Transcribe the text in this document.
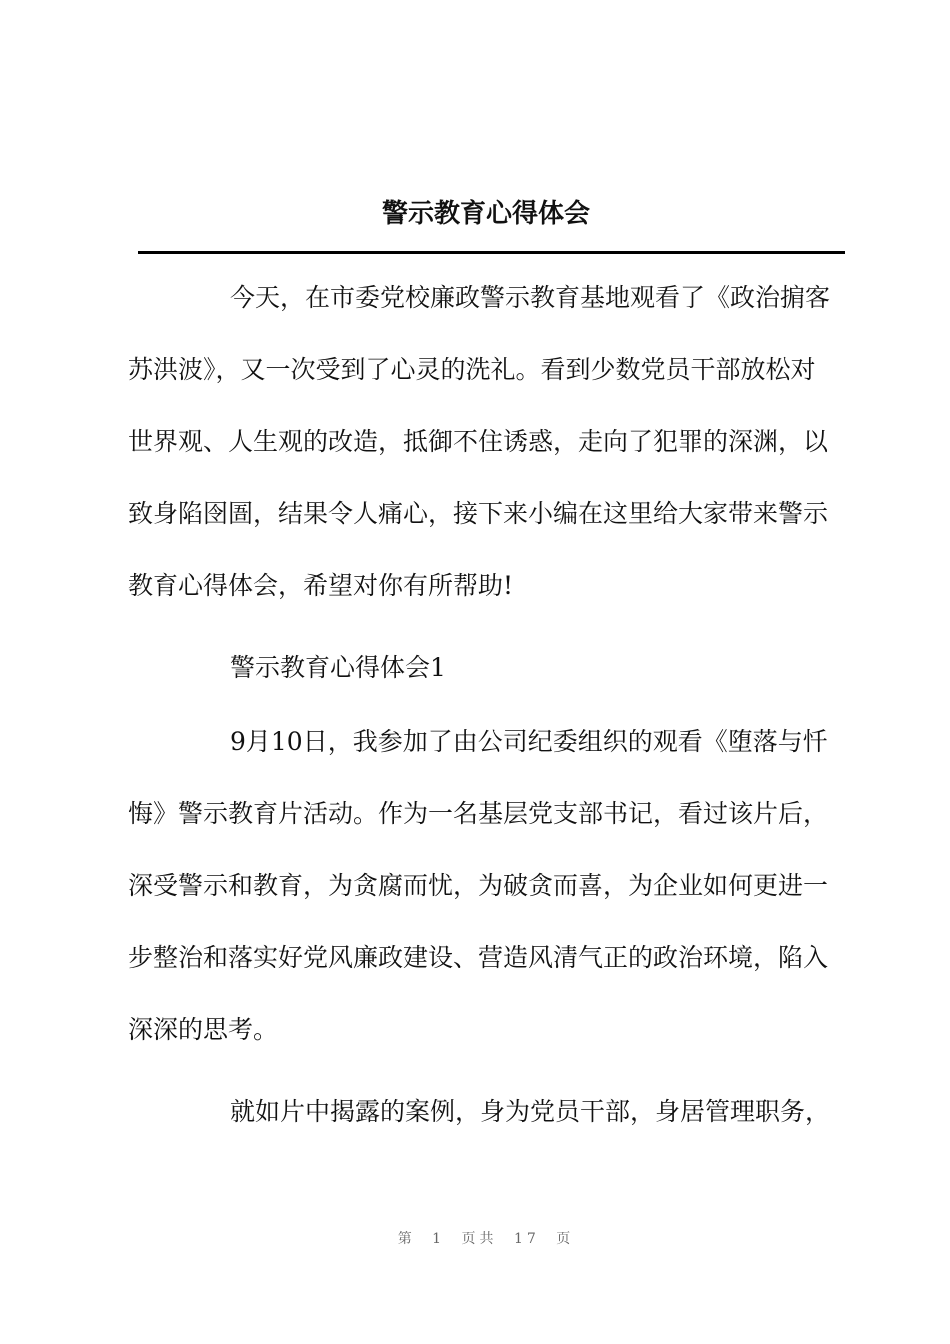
警示教育心得体会
今天，在市委党校廉政警示教育基地观看了《政治掮客
苏洪波》，又一次受到了心灵的洗礼。看到少数党员干部放松对
世界观、人生观的改造，抵御不住诱惑，走向了犯罪的深渊，以
致身陷囹圄，结果令人痛心，接下来小编在这里给大家带来警示
教育心得体会，希望对你有所帮助!
警示教育心得体会1
9月10日，我参加了由公司纪委组织的观看《堕落与忏
悔》警示教育片活动。作为一名基层党支部书记，看过该片后，
深受警示和教育，为贪腐而忧，为破贪而喜，为企业如何更进一
步整治和落实好党风廉政建设、营造风清气正的政治环境，陷入
深深的思考。
就如片中揭露的案例，身为党员干部，身居管理职务，
第 1 页共 17 页
